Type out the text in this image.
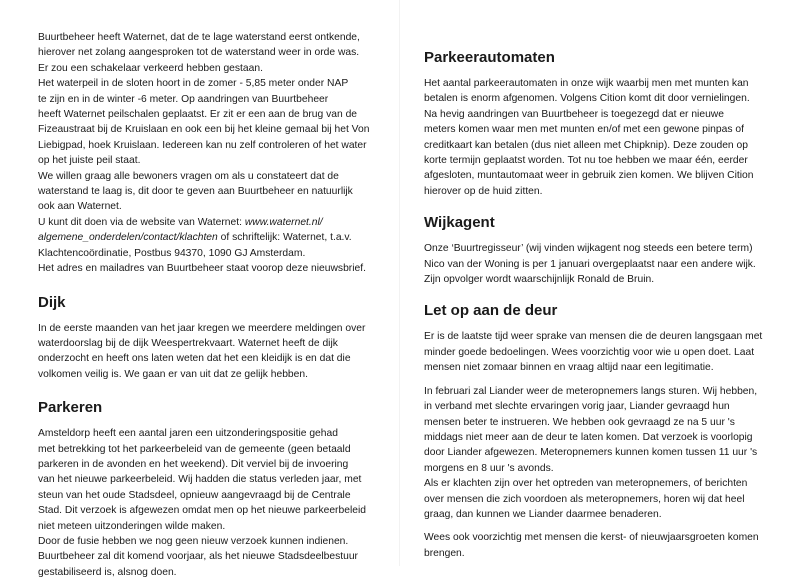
Buurtbeheer heeft Waternet, dat de te lage waterstand eerst ontkende,

hierover net zolang aangesproken tot de waterstand weer in orde was.

Er zou een schakelaar verkeerd hebben gestaan.

Het waterpeil in de sloten hoort in de zomer - 5,85 meter onder NAP

te zijn en in de winter -6 meter. Op aandringen van Buurtbeheer

heeft Waternet peilschalen geplaatst. Er zit er een aan de brug van de

Fizeaustraat bij de Kruislaan en ook een bij het kleine gemaal bij het Von

Liebigpad, hoek Kruislaan. Iedereen kan nu zelf controleren of het water

op het juiste peil staat.

We willen graag alle bewoners vragen om als u constateert dat de

waterstand te laag is, dit door te geven aan Buurtbeheer en natuurlijk

ook aan Waternet.

U kunt dit doen via de website van Waternet: www.waternet.nl/

algemene_onderdelen/contact/klachten of schriftelijk: Waternet, t.a.v.

Klachtencoördinatie, Postbus 94370, 1090 GJ Amsterdam.

Het adres en mailadres van Buurtbeheer staat voorop deze nieuwsbrief.

Dijk

In de eerste maanden van het jaar kregen we meerdere meldingen over

waterdoorslag bij de dijk Weespertrekvaart. Waternet heeft de dijk

onderzocht en heeft ons laten weten dat het een kleidijk is en dat die

volkomen veilig is. We gaan er van uit dat ze gelijk hebben.

Parkeren

Amsteldorp heeft een aantal jaren een uitzonderingspositie gehad

met betrekking tot het parkeerbeleid van de gemeente (geen betaald

parkeren in de avonden en het weekend). Dit verviel bij de invoering

van het nieuwe parkeerbeleid. Wij hadden die status verleden jaar, met

steun van het oude Stadsdeel, opnieuw aangevraagd bij de Centrale

Stad. Dit verzoek is afgewezen omdat men op het nieuwe parkeerbeleid

niet meteen uitzonderingen wilde maken.

Door de fusie hebben we nog geen nieuw verzoek kunnen indienen.

Buurtbeheer zal dit komend voorjaar, als het nieuwe Stadsdeelbestuur

gestabiliseerd is, alsnog doen.

Parkeerautomaten

Het aantal parkeerautomaten in onze wijk waarbij men met munten kan

betalen is enorm afgenomen. Volgens Cition komt dit door vernielingen.

Na hevig aandringen van Buurtbeheer is toegezegd dat er nieuwe

meters komen waar men met munten en/of met een gewone pinpas of

creditkaart kan betalen (dus niet alleen met Chipknip). Deze zouden op

korte termijn geplaatst worden. Tot nu toe hebben we maar één, eerder

afgesloten, muntautomaat weer in gebruik zien komen. We blijven Cition

hierover op de huid zitten.

Wijkagent

Onze ‘Buurtregisseur’ (wij vinden wijkagent nog steeds een betere term)

Nico van der Woning is per 1 januari overgeplaatst naar een andere wijk.

Zijn opvolger wordt waarschijnlijk Ronald de Bruin.

Let op aan de deur

Er is de laatste tijd weer sprake van mensen die de deuren langsgaan met

minder goede bedoelingen. Wees voorzichtig voor wie u open doet. Laat

mensen niet zomaar binnen en vraag altijd naar een legitimatie.

In februari zal Liander weer de meteropnemers langs sturen. Wij hebben,

in verband met slechte ervaringen vorig jaar, Liander gevraagd hun

mensen beter te instrueren. We hebben ook gevraagd ze na 5 uur 's

middags niet meer aan de deur te laten komen. Dat verzoek is voorlopig

door Liander afgewezen. Meteropnemers kunnen komen tussen 11 uur 's

morgens en 8 uur 's avonds.

Als er klachten zijn over het optreden van meteropnemers, of berichten

over mensen die zich voordoen als meteropnemers, horen wij dat heel

graag, dan kunnen we Liander daarmee benaderen.

Wees ook voorzichtig met mensen die kerst- of nieuwjaarsgroeten komen

brengen.
